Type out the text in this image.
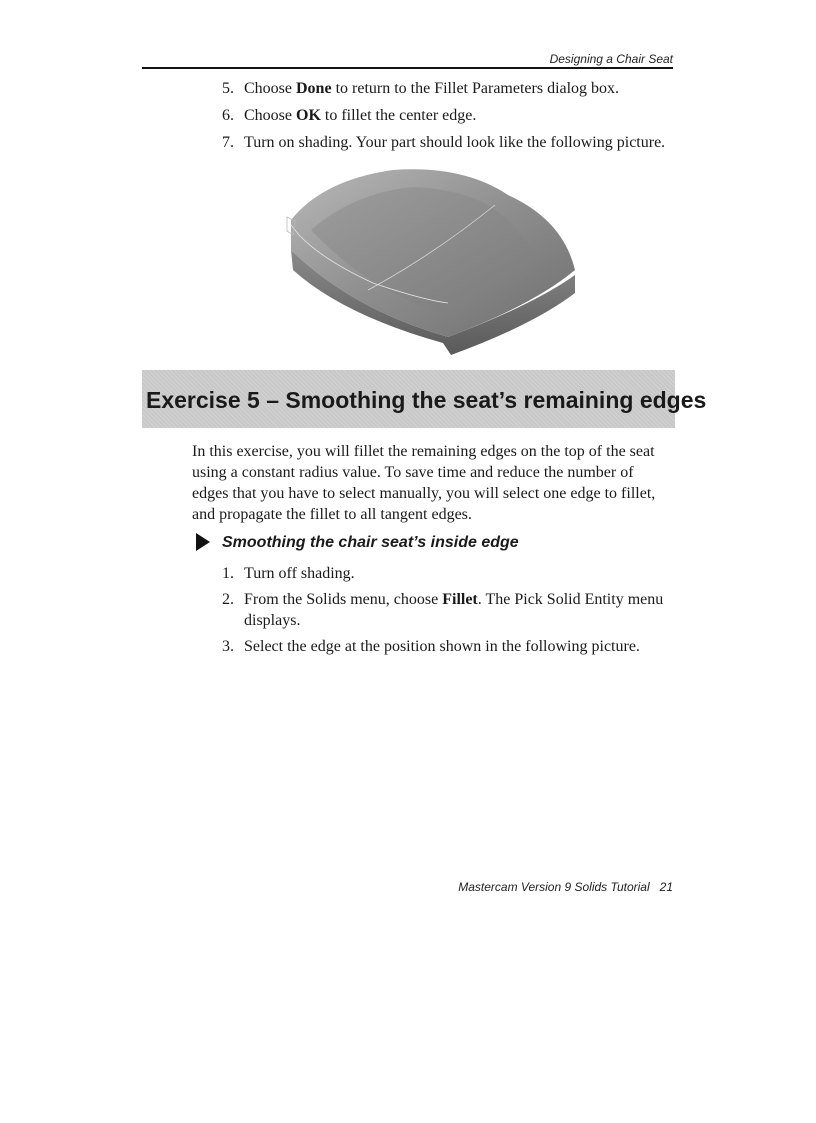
Designing a Chair Seat
5. Choose Done to return to the Fillet Parameters dialog box.
6. Choose OK to fillet the center edge.
7. Turn on shading. Your part should look like the following picture.
Exercise 5 – Smoothing the seat’s remaining edges
In this exercise, you will fillet the remaining edges on the top of the seat
using a constant radius value. To save time and reduce the number of
edges that you have to select manually, you will select one edge to fillet,
and propagate the fillet to all tangent edges.
Smoothing the chair seat’s inside edge
1. Turn off shading.
2. From the Solids menu, choose Fillet. The Pick Solid Entity menu
displays.
3. Select the edge at the position shown in the following picture.
Mastercam Version 9 Solids Tutorial 21
